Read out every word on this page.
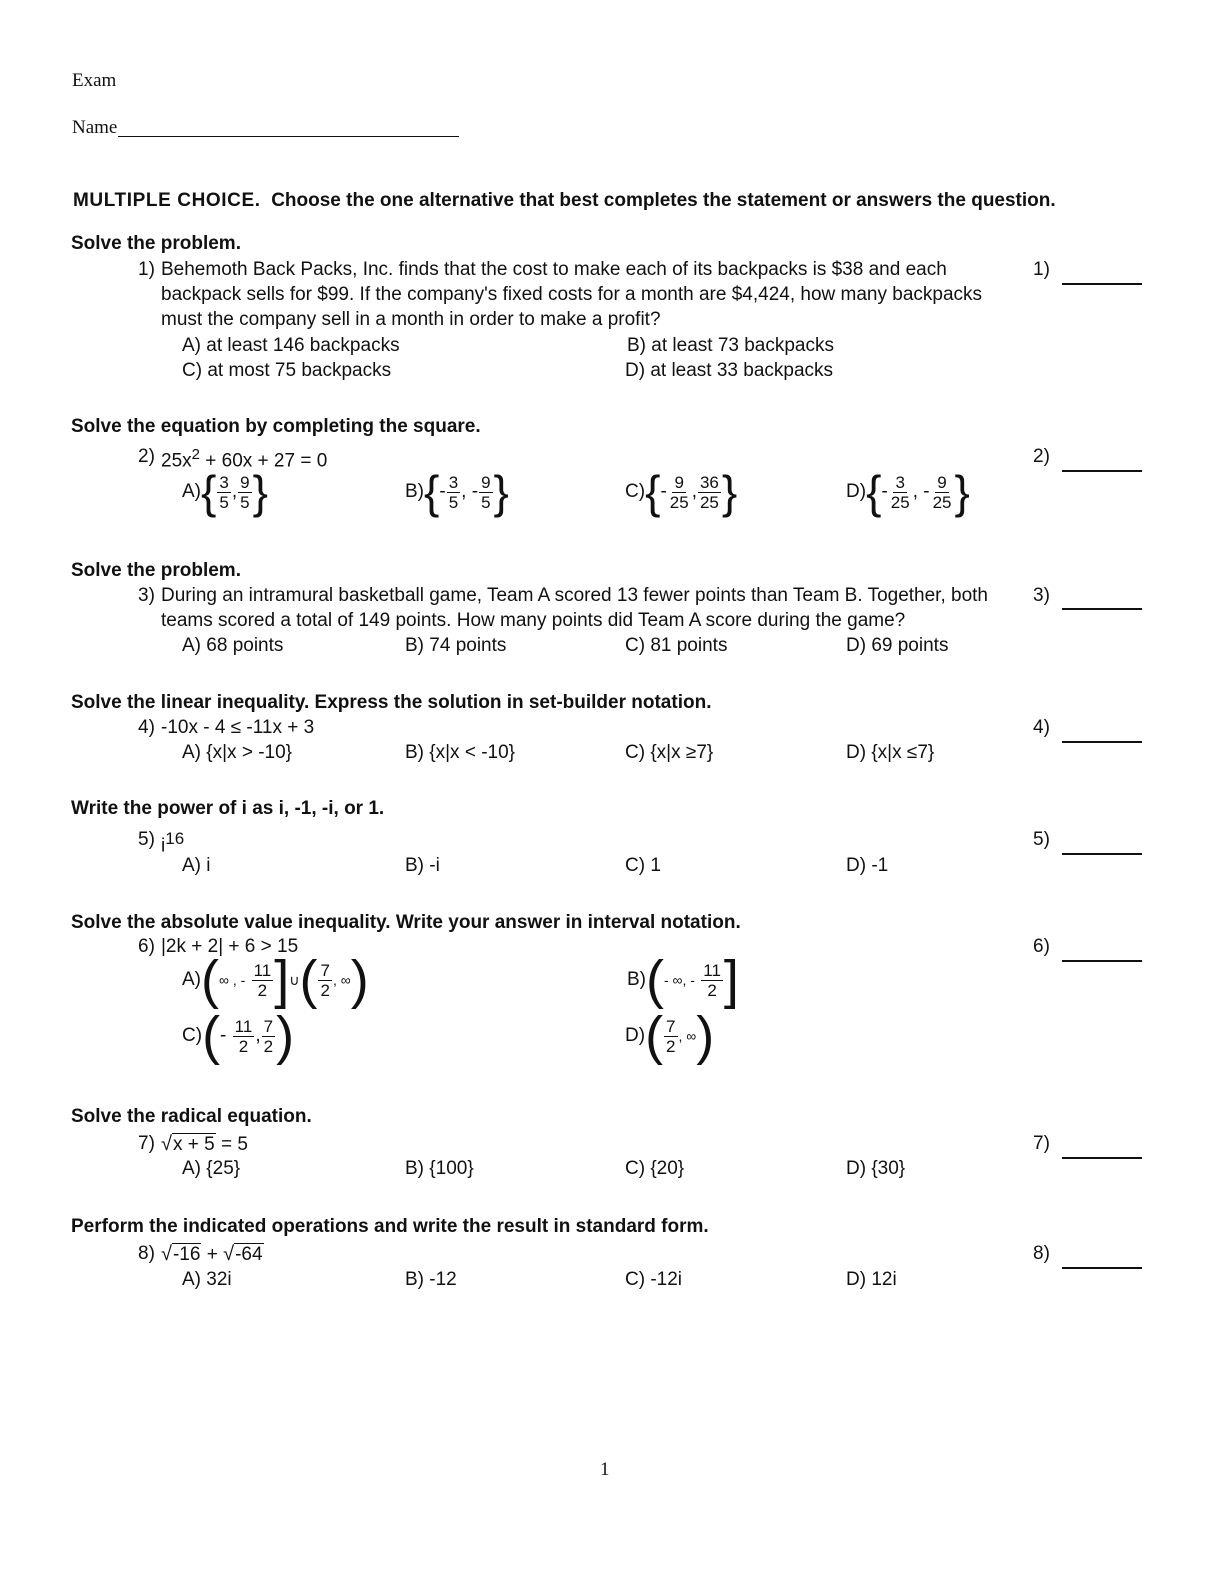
Exam
Name
MULTIPLE CHOICE. Choose the one alternative that best completes the statement or answers the question.
Solve the problem.
1) Behemoth Back Packs, Inc. finds that the cost to make each of its backpacks is $38 and each
backpack sells for $99. If the company's fixed costs for a month are $4,424, how many backpacks
must the company sell in a month in order to make a profit?
A) at least 146 backpacks	B) at least 73 backpacks
C) at most 75 backpacks	D) at least 33 backpacks
1)
Solve the equation by completing the square.
2) $25x^2 + 60x + 27 = 0$	2)
A) { $\frac{3}{5}$ , $\frac{9}{5}$ }	B) { - $\frac{3}{5}$ ,
- $\frac{9}{5}$ }	C) { - $\frac{9}{25}$ , $\frac{36}{25}$ }	D) { - $\frac{3}{25}$ ,
- $\frac{9}{25}$ }
Solve the problem.
3) During an intramural basketball game, Team A scored 13 fewer points than Team B. Together, both
teams scored a total of 149 points. How many points did Team A score during the game?
A) 68 points	B) 74 points	C) 81 points	D) 69 points
3)
Solve the linear inequality. Express the solution in set-builder notation.
4) -10x - 4 ≤ -11x + 3
A) {x|x > -10}	B) {x|x < -10}	C) {x|x ≥7}	D) {x|x ≤7}
4)
Write the power of i as i, -1, -i, or 1.
5) $i^{16}$
A) i	B) -i	C) 1	D) -1
5)
Solve the absolute value inequality. Write your answer in interval notation.
6) |2k + 2| + 6 > 15	6)
A) ( ∞ , -
$\frac{11}{2}$ ] ∪ ( $\frac{7}{2}$ , ∞ )	B) ( - ∞, -
$\frac{11}{2}$ ]
C) ( -
$\frac{11}{2}$ , $\frac{7}{2}$ )	D) ( $\frac{7}{2}$ , ∞ )
Solve the radical equation.
7) √x + 5 = 5
A) {25}	B) {100}	C) {20}	D) {30}
7)
Perform the indicated operations and write the result in standard form.
8) √-16 + √-64
A) 32i	B) -12	C) -12i	D) 12i
8)
1
